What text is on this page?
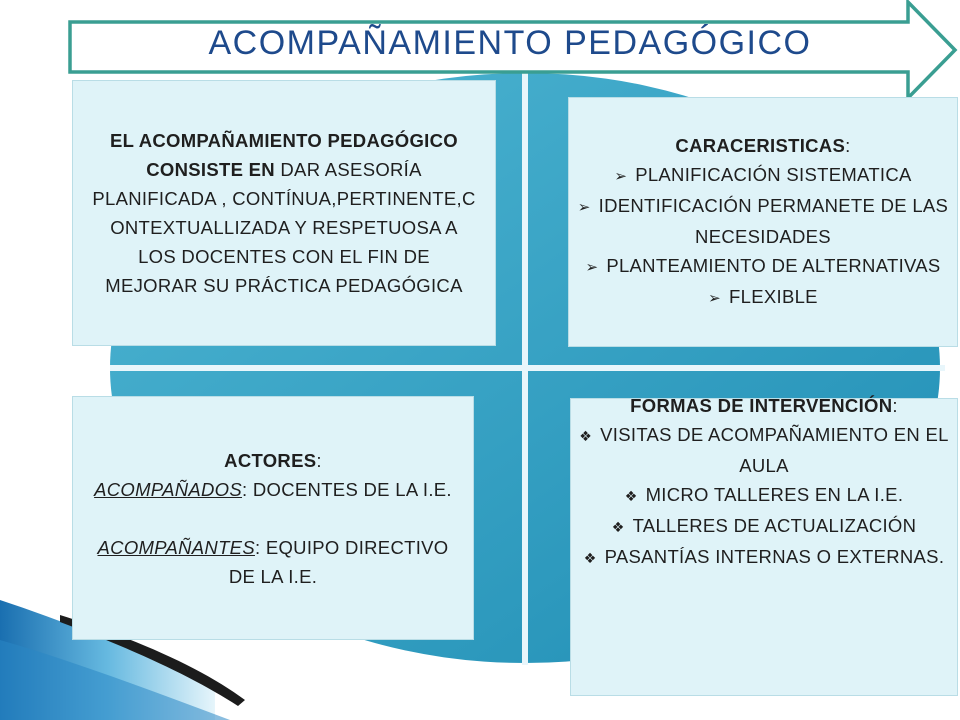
ACOMPAÑAMIENTO PEDAGÓGICO

EL ACOMPAÑAMIENTO PEDAGÓGICO CONSISTE EN DAR ASESORÍA PLANIFICADA , CONTÍNUA,PERTINENTE,C ONTEXTUALLIZADA Y RESPETUOSA A LOS DOCENTES CON EL FIN DE MEJORAR SU PRÁCTICA PEDAGÓGICA

CARACERISTICAS:

➢ PLANIFICACIÓN SISTEMATICA

➢ IDENTIFICACIÓN PERMANETE DE LAS NECESIDADES

➢ PLANTEAMIENTO DE ALTERNATIVAS

➢ FLEXIBLE

ACTORES:

ACOMPAÑADOS: DOCENTES DE LA I.E.

ACOMPAÑANTES: EQUIPO DIRECTIVO DE LA I.E.

FORMAS DE INTERVENCIÓN:

❖ VISITAS DE ACOMPAÑAMIENTO EN EL AULA

❖ MICRO TALLERES EN LA I.E.

❖ TALLERES DE ACTUALIZACIÓN

❖ PASANTÍAS INTERNAS O EXTERNAS.
